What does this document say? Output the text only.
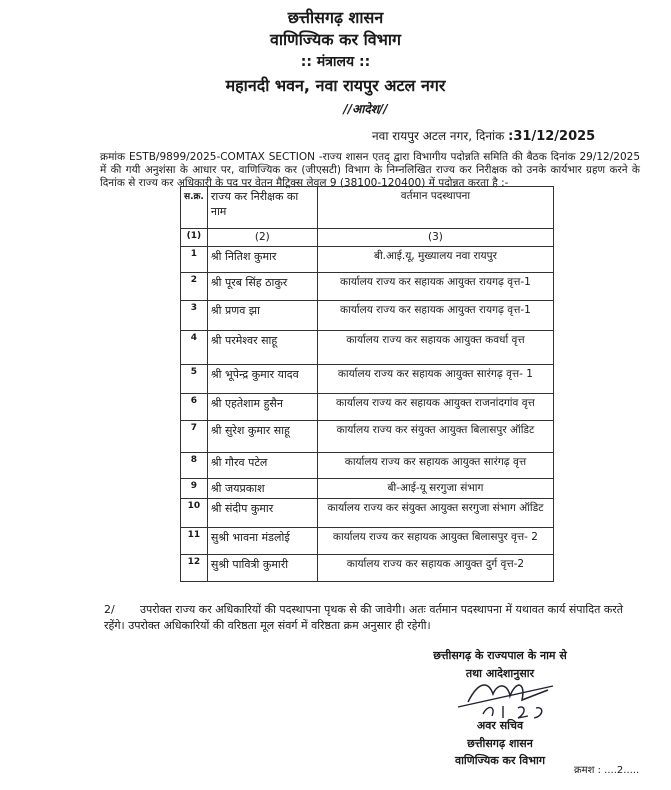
छत्तीसगढ़ शासन
वाणिज्यिक कर विभाग
:: मंत्रालय ::
महानदी भवन, नवा रायपुर अटल नगर
//आदेश//
नवा रायपुर अटल नगर, दिनांक :31/12/2025
क्रमांक ESTB/9899/2025-COMTAX SECTION -राज्य शासन एतद् द्वारा विभागीय पदोन्नति समिति की बैठक दिनांक 29/12/2025 में की गयी अनुशंसा के आधार पर, वाणिज्यिक कर (जीएसटी) विभाग के निम्नलिखित राज्य कर निरीक्षक को उनके कार्यभार ग्रहण करने के दिनांक से राज्य कर अधिकारी के पद पर वेतन मैट्रिक्स लेवल 9 (38100-120400) में पदोन्नत करता है :-
स.क्र.	राज्य कर निरीक्षक का नाम	वर्तमान पदस्थापना
(1)	(2)	(3)
1	श्री नितिश कुमार	बी.आई.यू, मुख्यालय नवा रायपुर
2	श्री पूरब सिंह ठाकुर	कार्यालय राज्य कर सहायक आयुक्त रायगढ़ वृत्त-1
3	श्री प्रणव झा	कार्यालय राज्य कर सहायक आयुक्त रायगढ़ वृत्त-1
4	श्री परमेश्वर साहू	कार्यालय राज्य कर सहायक आयुक्त कवर्धा वृत्त
5	श्री भूपेन्द्र कुमार यादव	कार्यालय राज्य कर सहायक आयुक्त सारंगढ़ वृत्त- 1
6	श्री एहतेशाम हुसैन	कार्यालय राज्य कर सहायक आयुक्त राजनांदगांव वृत्त
7	श्री सुरेश कुमार साहू	कार्यालय राज्य कर संयुक्त आयुक्त बिलासपुर ऑडिट
8	श्री गौरव पटेल	कार्यालय राज्य कर सहायक आयुक्त सारंगढ़ वृत्त
9	श्री जयप्रकाश	बी-आई-यू सरगुजा संभाग
10	श्री संदीप कुमार	कार्यालय राज्य कर संयुक्त आयुक्त सरगुजा संभाग ऑडिट
11	सुश्री भावना मंडलोई	कार्यालय राज्य कर सहायक आयुक्त बिलासपुर वृत्त- 2
12	सुश्री पावित्री कुमारी	कार्यालय राज्य कर सहायक आयुक्त दुर्ग वृत्त-2
2/ उपरोक्त राज्य कर अधिकारियों की पदस्थापना पृथक से की जावेगी। अतः वर्तमान पदस्थापना में यथावत कार्य संपादित करते रहेंगे। उपरोक्त अधिकारियों की वरिष्ठता मूल संवर्ग में वरिष्ठता क्रम अनुसार ही रहेगी।
छत्तीसगढ़ के राज्यपाल के नाम से
तथा आदेशानुसार
अवर सचिव
छत्तीसगढ़ शासन
वाणिज्यिक कर विभाग
क्रमश : ....2.....
